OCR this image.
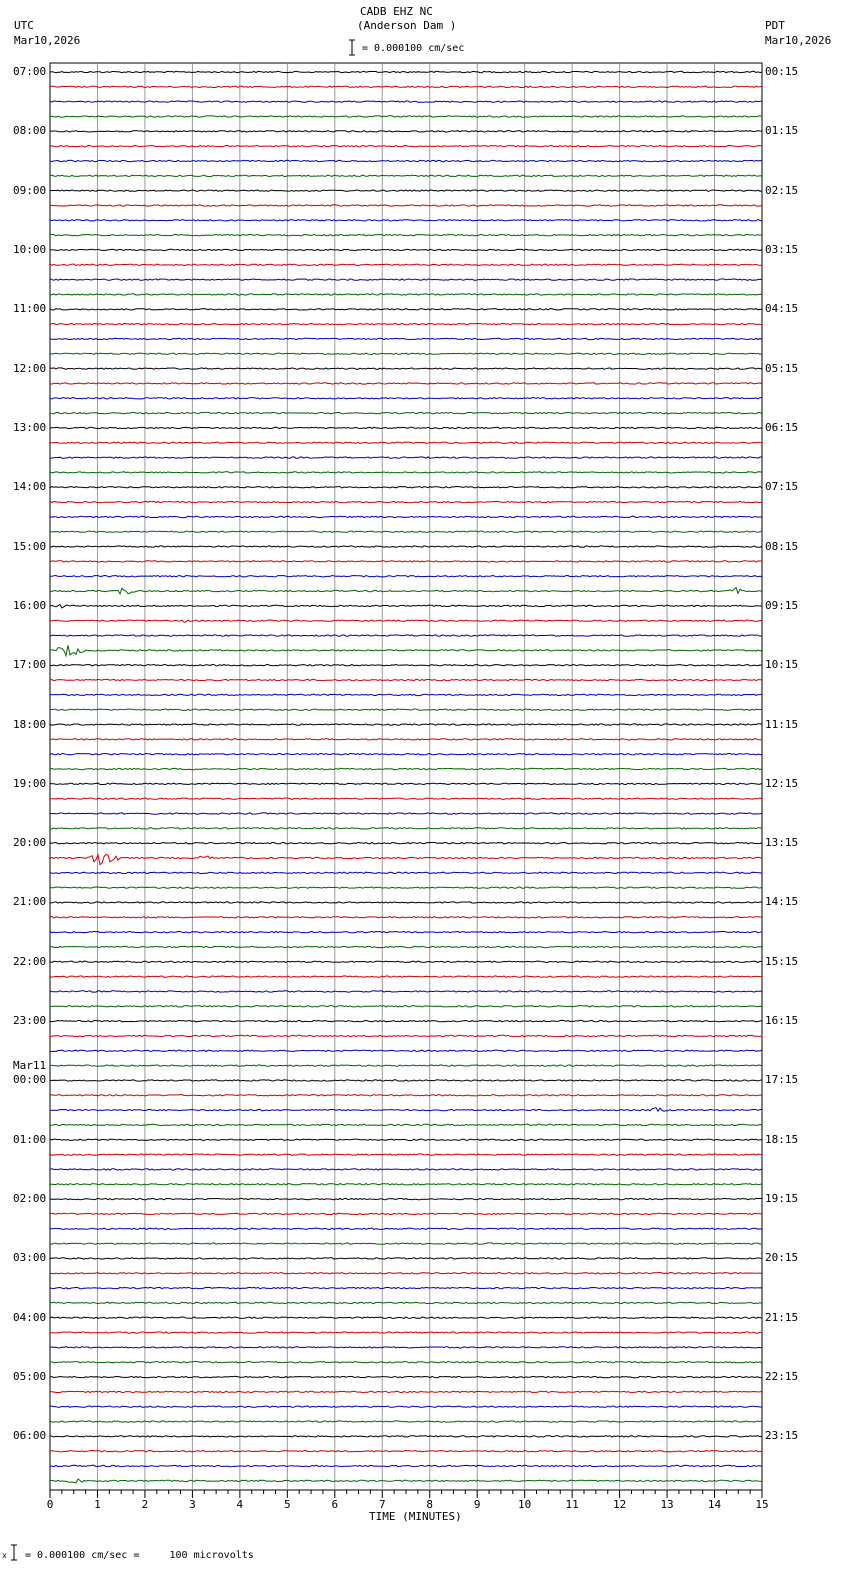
CADB EHZ NC
(Anderson Dam )
UTC
Mar10,2026
PDT
Mar10,2026
= 0.000100 cm/sec
0	1	2	3	4	5	6	7	8	9	10	11	12	13	14	15
07:00
08:00
09:00
10:00
11:00
12:00
13:00
14:00
15:00
16:00
17:00
18:00
19:00
20:00
21:00
22:00
23:00
00:00
Mar11
01:00
02:00
03:00
04:00
05:00
06:00
00:15
01:15
02:15
03:15
04:15
05:15
06:15
07:15
08:15
09:15
10:15
11:15
12:15
13:15
14:15
15:15
16:15
17:15
18:15
19:15
20:15
21:15
22:15
23:15
TIME (MINUTES)
x = 0.000100 cm/sec =     100 microvolts
